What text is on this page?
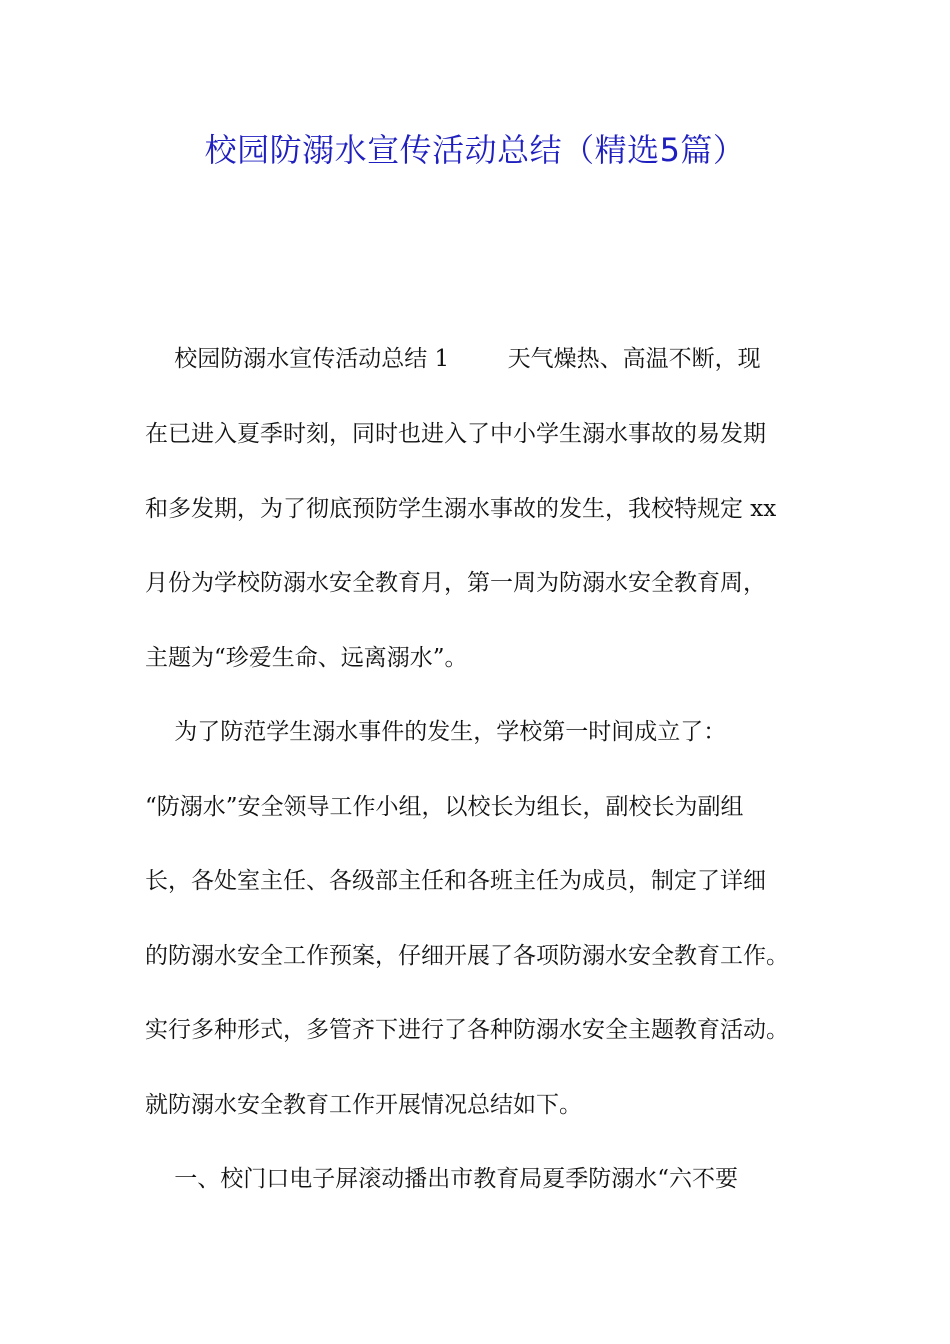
校园防溺水宣传活动总结（精选5篇）
校园防溺水宣传活动总结 1        天气燥热、高温不断，现
在已进入夏季时刻，同时也进入了中小学生溺水事故的易发期
和多发期，为了彻底预防学生溺水事故的发生，我校特规定 xx
月份为学校防溺水安全教育月，第一周为防溺水安全教育周，
主题为“珍爱生命、远离溺水”。
为了防范学生溺水事件的发生，学校第一时间成立了：
“防溺水”安全领导工作小组，以校长为组长，副校长为副组
长，各处室主任、各级部主任和各班主任为成员，制定了详细
的防溺水安全工作预案，仔细开展了各项防溺水安全教育工作。
实行多种形式，多管齐下进行了各种防溺水安全主题教育活动。
就防溺水安全教育工作开展情况总结如下。
一、校门口电子屏滚动播出市教育局夏季防溺水“六不要
